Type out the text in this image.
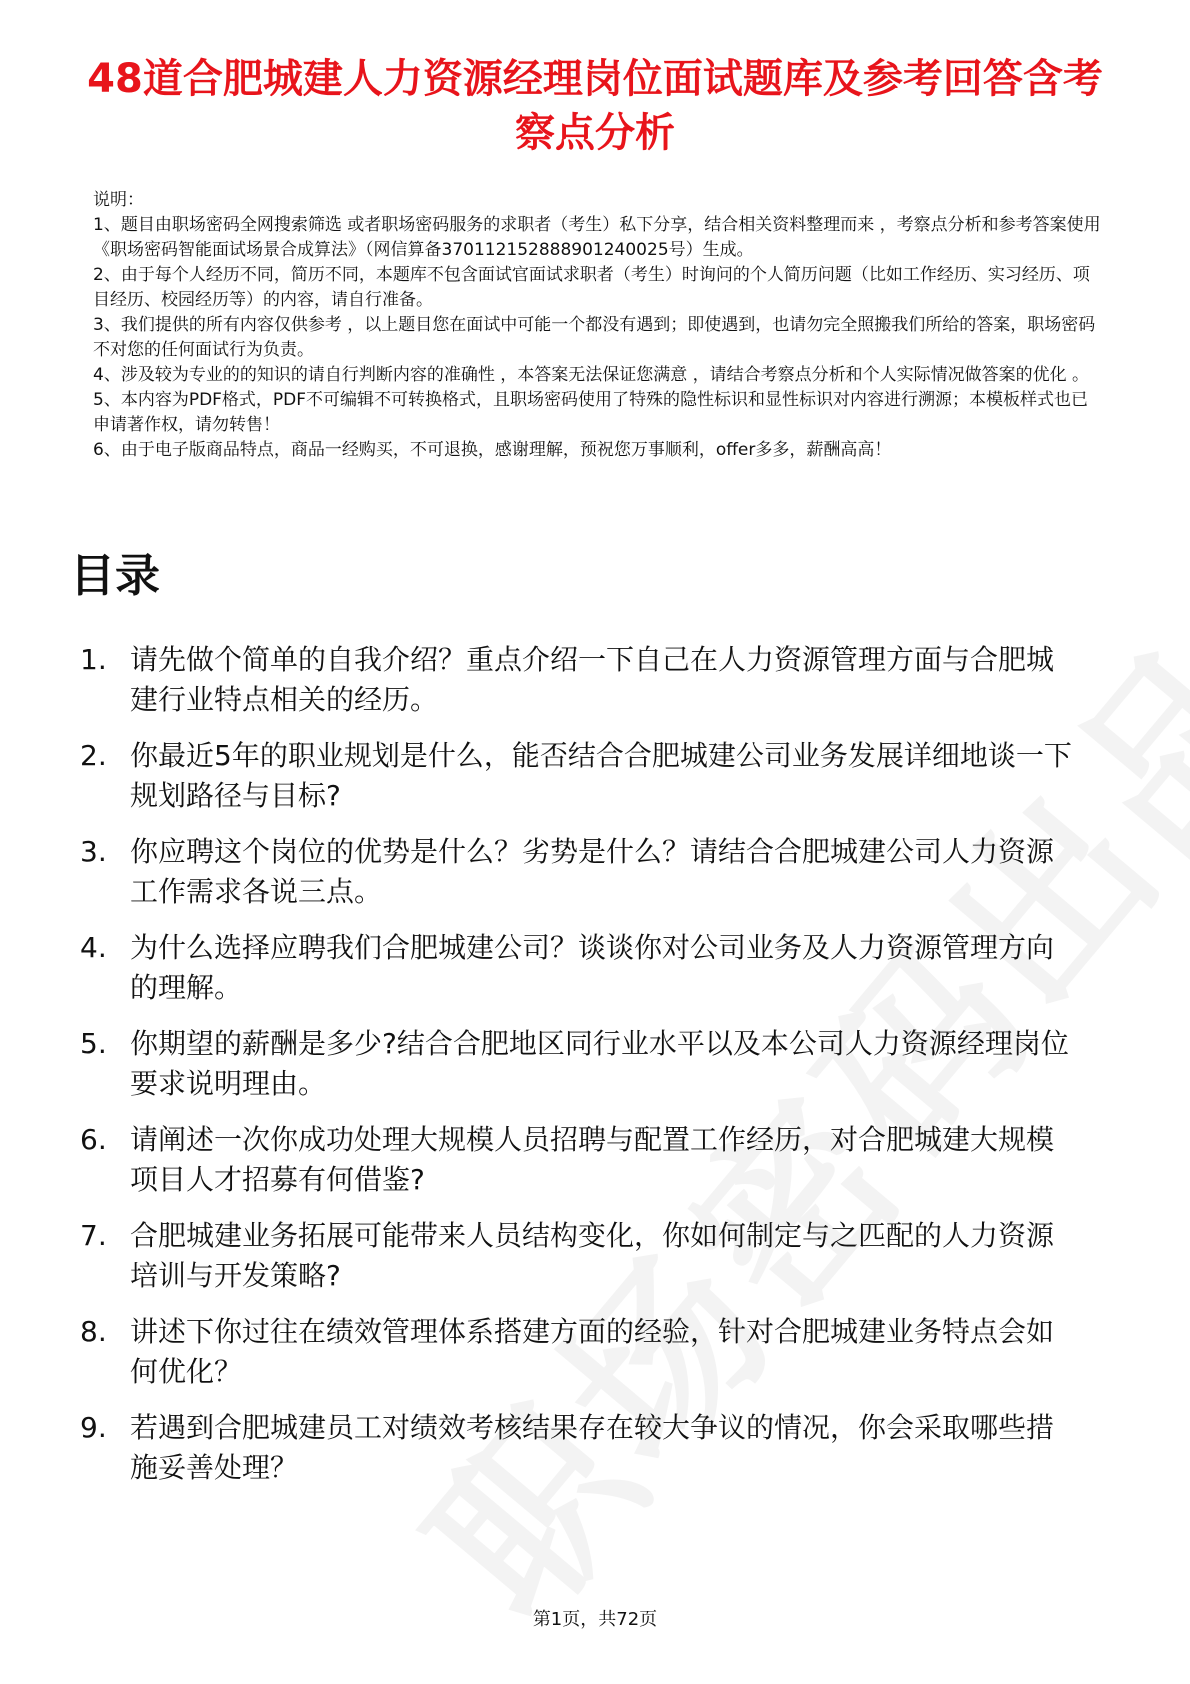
48道合肥城建人力资源经理岗位面试题库及参考回答含考察点分析

说明：

1、题目由职场密码全网搜索筛选 或者职场密码服务的求职者（考生）私下分享，结合相关资料整理而来 ，考察点分析和参考答案使用《职场密码智能面试场景合成算法》（网信算备370112152888901240025号）生成。

2、由于每个人经历不同，简历不同，本题库不包含面试官面试求职者（考生）时询问的个人简历问题（比如工作经历、实习经历、项目经历、校园经历等）的内容，请自行准备。

3、我们提供的所有内容仅供参考 ，以上题目您在面试中可能一个都没有遇到；即使遇到，也请勿完全照搬我们所给的答案，职场密码不对您的任何面试行为负责。

4、涉及较为专业的的知识的请自行判断内容的准确性 ，本答案无法保证您满意 ，请结合考察点分析和个人实际情况做答案的优化 。

5、本内容为PDF格式，PDF不可编辑不可转换格式，且职场密码使用了特殊的隐性标识和显性标识对内容进行溯源；本模板样式也已申请著作权，请勿转售！

6、由于电子版商品特点，商品一经购买，不可退换，感谢理解，预祝您万事顺利，offer多多，薪酬高高！

目录
1. 请先做个简单的自我介绍？重点介绍一下自己在人力资源管理方面与合肥城建行业特点相关的经历。
2. 你最近5年的职业规划是什么，能否结合合肥城建公司业务发展详细地谈一下规划路径与目标?
3. 你应聘这个岗位的优势是什么？劣势是什么？请结合合肥城建公司人力资源工作需求各说三点。
4. 为什么选择应聘我们合肥城建公司？谈谈你对公司业务及人力资源管理方向的理解。
5. 你期望的薪酬是多少?结合合肥地区同行业水平以及本公司人力资源经理岗位要求说明理由。
6. 请阐述一次你成功处理大规模人员招聘与配置工作经历，对合肥城建大规模项目人才招募有何借鉴?
7. 合肥城建业务拓展可能带来人员结构变化，你如何制定与之匹配的人力资源培训与开发策略?
8. 讲述下你过往在绩效管理体系搭建方面的经验，针对合肥城建业务特点会如何优化？
9. 若遇到合肥城建员工对绩效考核结果存在较大争议的情况，你会采取哪些措施妥善处理？
第1页，共72页
